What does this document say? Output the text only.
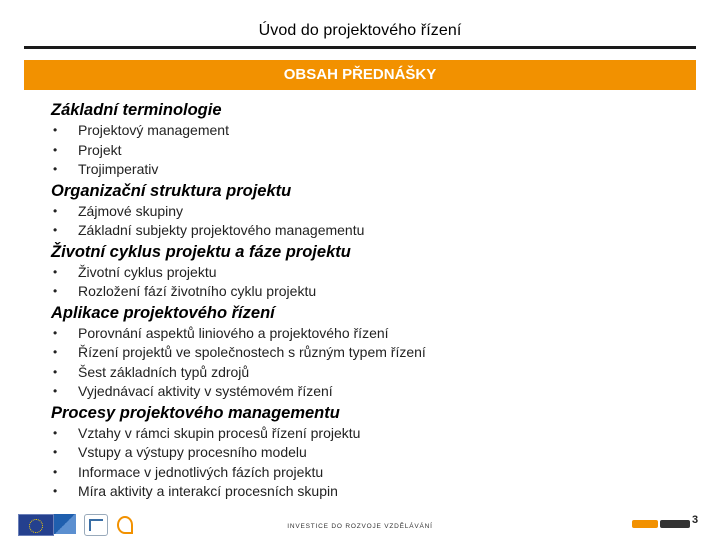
Úvod do projektového řízení
OBSAH PŘEDNÁŠKY
Základní terminologie
• Projektový management
• Projekt
• Trojimperativ
Organizační struktura projektu
• Zájmové skupiny
• Základní subjekty projektového managementu
Životní cyklus projektu a fáze projektu
• Životní cyklus projektu
• Rozložení fází životního cyklu projektu
Aplikace projektového řízení
• Porovnání aspektů liniového a projektového řízení
• Řízení projektů ve společnostech s různým typem řízení
• Šest základních typů zdrojů
• Vyjednávací aktivity v systémovém řízení
Procesy projektového managementu
• Vztahy v rámci skupin procesů řízení projektu
• Vstupy a výstupy procesního modelu
• Informace v jednotlivých fázích projektu
• Míra aktivity a interakcí procesních skupin
INVESTICE DO ROZVOJE VZDĚLÁVÁNÍ
3
